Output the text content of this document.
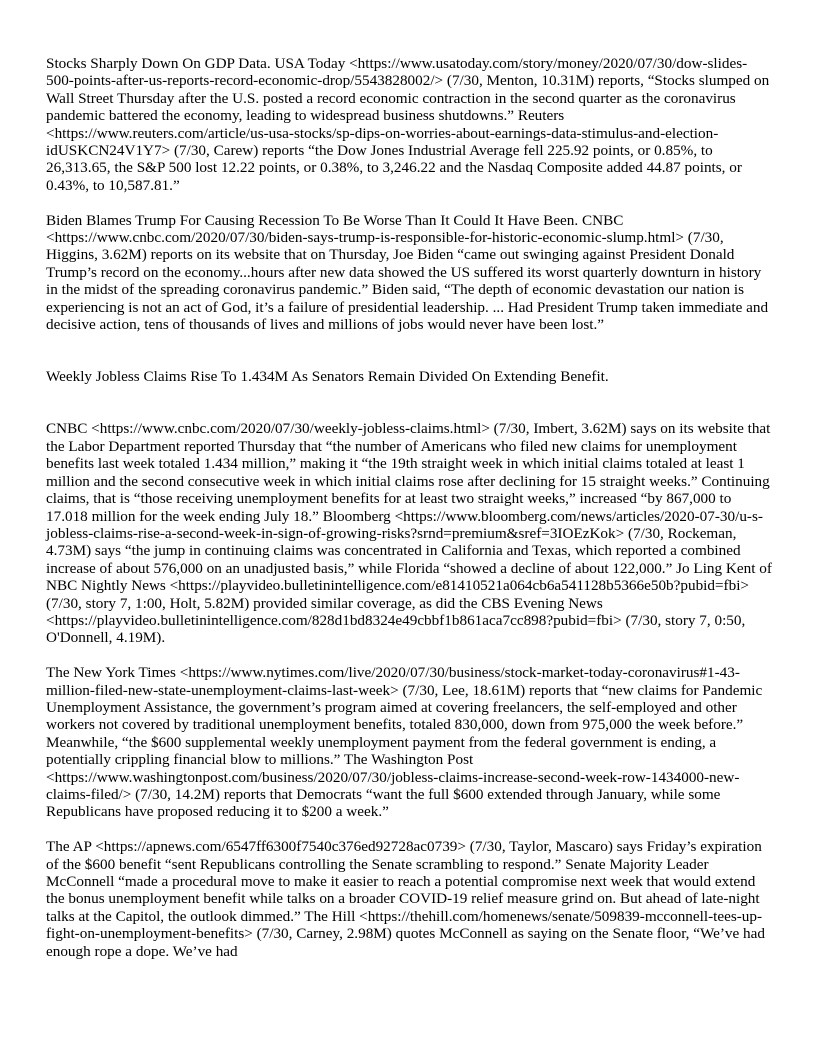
Stocks Sharply Down On GDP Data. USA Today <https://www.usatoday.com/story/money/2020/07/30/dow-slides-500-points-after-us-reports-record-economic-drop/5543828002/> (7/30, Menton, 10.31M) reports, “Stocks slumped on Wall Street Thursday after the U.S. posted a record economic contraction in the second quarter as the coronavirus pandemic battered the economy, leading to widespread business shutdowns.” Reuters <https://www.reuters.com/article/us-usa-stocks/sp-dips-on-worries-about-earnings-data-stimulus-and-election-idUSKCN24V1Y7> (7/30, Carew) reports “the Dow Jones Industrial Average fell 225.92 points, or 0.85%, to 26,313.65, the S&P 500 lost 12.22 points, or 0.38%, to 3,246.22 and the Nasdaq Composite added 44.87 points, or 0.43%, to 10,587.81.”

Biden Blames Trump For Causing Recession To Be Worse Than It Could It Have Been. CNBC <https://www.cnbc.com/2020/07/30/biden-says-trump-is-responsible-for-historic-economic-slump.html> (7/30, Higgins, 3.62M) reports on its website that on Thursday, Joe Biden “came out swinging against President Donald Trump’s record on the economy...hours after new data showed the US suffered its worst quarterly downturn in history in the midst of the spreading coronavirus pandemic.” Biden said, “The depth of economic devastation our nation is experiencing is not an act of God, it’s a failure of presidential leadership. ... Had President Trump taken immediate and decisive action, tens of thousands of lives and millions of jobs would never have been lost.”

Weekly Jobless Claims Rise To 1.434M As Senators Remain Divided On Extending Benefit.

CNBC <https://www.cnbc.com/2020/07/30/weekly-jobless-claims.html> (7/30, Imbert, 3.62M) says on its website that the Labor Department reported Thursday that “the number of Americans who filed new claims for unemployment benefits last week totaled 1.434 million,” making it “the 19th straight week in which initial claims totaled at least 1 million and the second consecutive week in which initial claims rose after declining for 15 straight weeks.” Continuing claims, that is “those receiving unemployment benefits for at least two straight weeks,” increased “by 867,000 to 17.018 million for the week ending July 18.” Bloomberg <https://www.bloomberg.com/news/articles/2020-07-30/u-s-jobless-claims-rise-a-second-week-in-sign-of-growing-risks?srnd=premium&sref=3IOEzKok> (7/30, Rockeman, 4.73M) says “the jump in continuing claims was concentrated in California and Texas, which reported a combined increase of about 576,000 on an unadjusted basis,” while Florida “showed a decline of about 122,000.” Jo Ling Kent of NBC Nightly News <https://playvideo.bulletinintelligence.com/e81410521a064cb6a541128b5366e50b?pubid=fbi> (7/30, story 7, 1:00, Holt, 5.82M) provided similar coverage, as did the CBS Evening News <https://playvideo.bulletinintelligence.com/828d1bd8324e49cbbf1b861aca7cc898?pubid=fbi> (7/30, story 7, 0:50, O'Donnell, 4.19M).

The New York Times <https://www.nytimes.com/live/2020/07/30/business/stock-market-today-coronavirus#1-43-million-filed-new-state-unemployment-claims-last-week> (7/30, Lee, 18.61M) reports that “new claims for Pandemic Unemployment Assistance, the government’s program aimed at covering freelancers, the self-employed and other workers not covered by traditional unemployment benefits, totaled 830,000, down from 975,000 the week before.” Meanwhile, “the $600 supplemental weekly unemployment payment from the federal government is ending, a potentially crippling financial blow to millions.” The Washington Post <https://www.washingtonpost.com/business/2020/07/30/jobless-claims-increase-second-week-row-1434000-new-claims-filed/> (7/30, 14.2M) reports that Democrats “want the full $600 extended through January, while some Republicans have proposed reducing it to $200 a week.”

The AP <https://apnews.com/6547ff6300f7540c376ed92728ac0739> (7/30, Taylor, Mascaro) says Friday’s expiration of the $600 benefit “sent Republicans controlling the Senate scrambling to respond.” Senate Majority Leader McConnell “made a procedural move to make it easier to reach a potential compromise next week that would extend the bonus unemployment benefit while talks on a broader COVID-19 relief measure grind on. But ahead of late-night talks at the Capitol, the outlook dimmed.” The Hill <https://thehill.com/homenews/senate/509839-mcconnell-tees-up-fight-on-unemployment-benefits> (7/30, Carney, 2.98M) quotes McConnell as saying on the Senate floor, “We’ve had enough rope a dope. We’ve had
